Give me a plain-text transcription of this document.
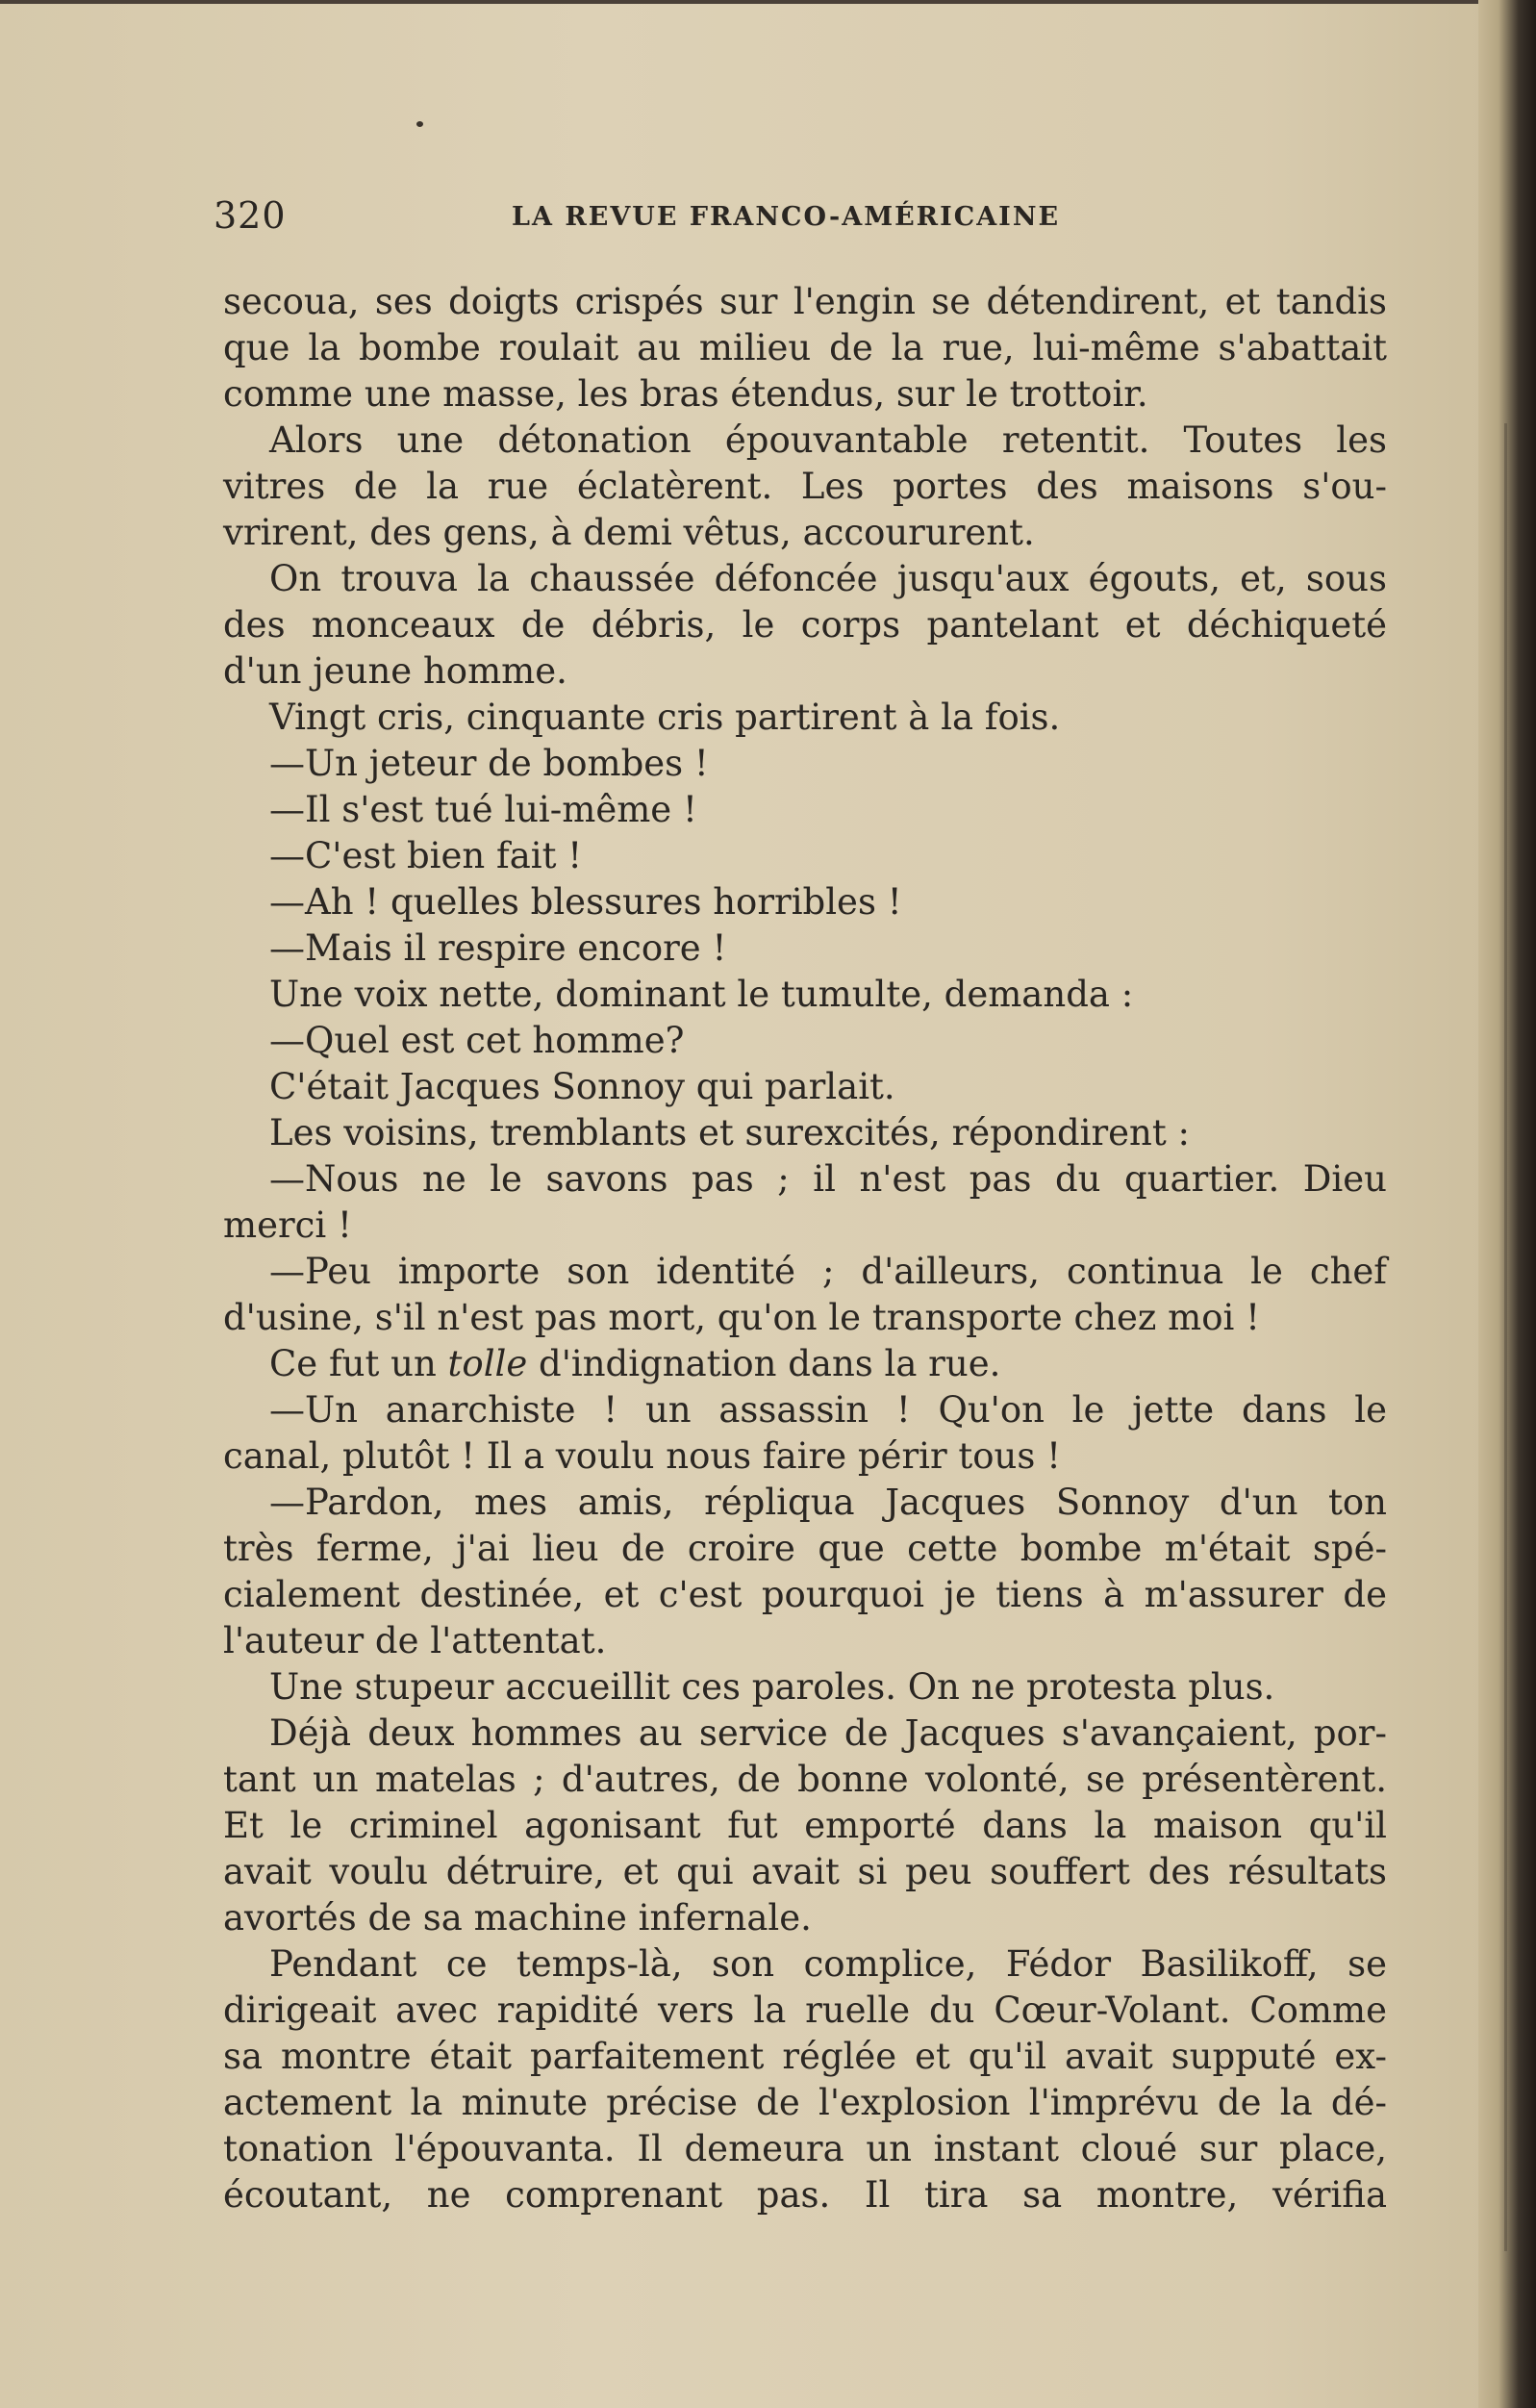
320	LA REVUE FRANCO-AMÉRICAINE
secoua, ses doigts crispés sur l'engin se détendirent, et tandis
que la bombe roulait au milieu de la rue, lui-même s'abattait
comme une masse, les bras étendus, sur le trottoir.
Alors une détonation épouvantable retentit. Toutes les
vitres de la rue éclatèrent. Les portes des maisons s'ou-
vrirent, des gens, à demi vêtus, accoururent.
On trouva la chaussée défoncée jusqu'aux égouts, et, sous
des monceaux de débris, le corps pantelant et déchiqueté
d'un jeune homme.
Vingt cris, cinquante cris partirent à la fois.
—Un jeteur de bombes !
—Il s'est tué lui-même !
—C'est bien fait !
—Ah ! quelles blessures horribles !
—Mais il respire encore !
Une voix nette, dominant le tumulte, demanda :
—Quel est cet homme?
C'était Jacques Sonnoy qui parlait.
Les voisins, tremblants et surexcités, répondirent :
—Nous ne le savons pas ; il n'est pas du quartier. Dieu
merci !
—Peu importe son identité ; d'ailleurs, continua le chef
d'usine, s'il n'est pas mort, qu'on le transporte chez moi !
Ce fut un tolle d'indignation dans la rue.
—Un anarchiste ! un assassin ! Qu'on le jette dans le
canal, plutôt ! Il a voulu nous faire périr tous !
—Pardon, mes amis, répliqua Jacques Sonnoy d'un ton
très ferme, j'ai lieu de croire que cette bombe m'était spé-
cialement destinée, et c'est pourquoi je tiens à m'assurer de
l'auteur de l'attentat.
Une stupeur accueillit ces paroles. On ne protesta plus.
Déjà deux hommes au service de Jacques s'avançaient, por-
tant un matelas ; d'autres, de bonne volonté, se présentèrent.
Et le criminel agonisant fut emporté dans la maison qu'il
avait voulu détruire, et qui avait si peu souffert des résultats
avortés de sa machine infernale.
Pendant ce temps-là, son complice, Fédor Basilikoff, se
dirigeait avec rapidité vers la ruelle du Cœur-Volant. Comme
sa montre était parfaitement réglée et qu'il avait supputé ex-
actement la minute précise de l'explosion l'imprévu de la dé-
tonation l'épouvanta. Il demeura un instant cloué sur place,
écoutant, ne comprenant pas. Il tira sa montre, vérifia
